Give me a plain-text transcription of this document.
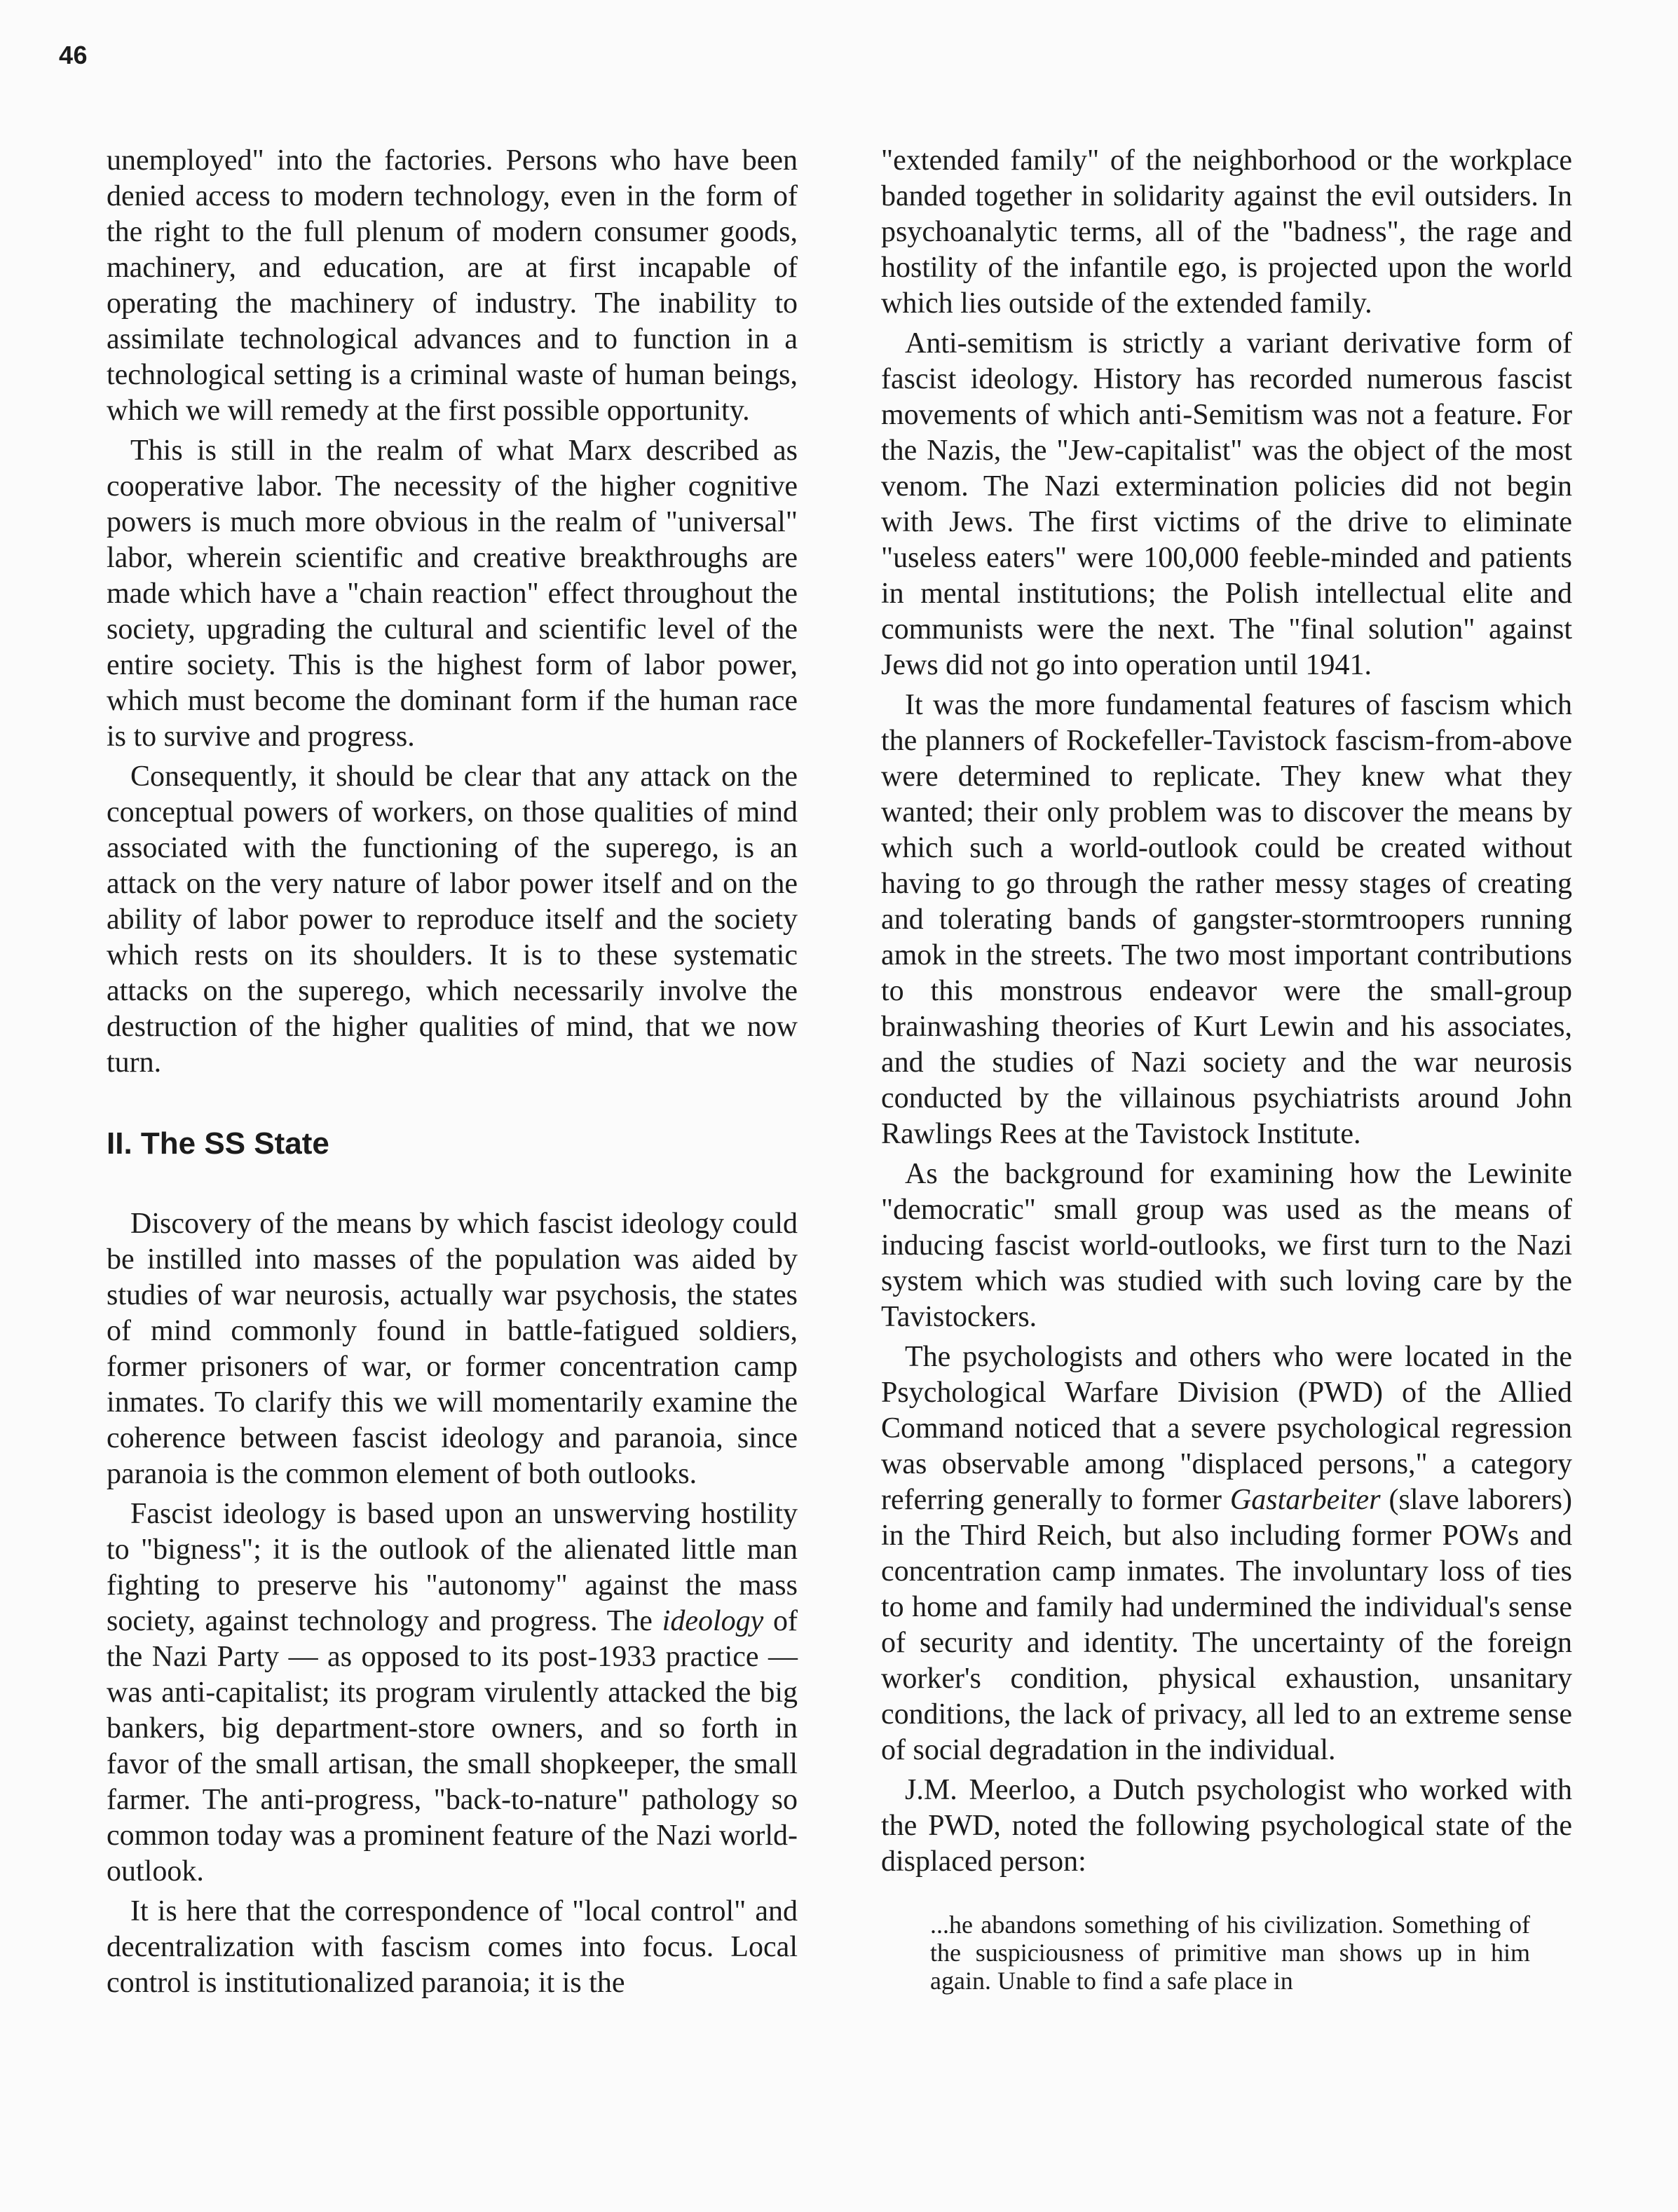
46

unemployed" into the factories. Persons who have been denied access to modern technology, even in the form of the right to the full plenum of modern consumer goods, machinery, and education, are at first incapable of operating the machinery of industry. The inability to assimilate technological advances and to function in a technological setting is a criminal waste of human beings, which we will remedy at the first possible opportunity.

This is still in the realm of what Marx described as cooperative labor. The necessity of the higher cognitive powers is much more obvious in the realm of "universal" labor, wherein scientific and creative breakthroughs are made which have a "chain reaction" effect throughout the society, upgrading the cultural and scientific level of the entire society. This is the highest form of labor power, which must become the dominant form if the human race is to survive and progress.

Consequently, it should be clear that any attack on the conceptual powers of workers, on those qualities of mind associated with the functioning of the superego, is an attack on the very nature of labor power itself and on the ability of labor power to reproduce itself and the society which rests on its shoulders. It is to these systematic attacks on the superego, which necessarily involve the destruction of the higher qualities of mind, that we now turn.

II. The SS State

Discovery of the means by which fascist ideology could be instilled into masses of the population was aided by studies of war neurosis, actually war psychosis, the states of mind commonly found in battle-fatigued soldiers, former prisoners of war, or former concentration camp inmates. To clarify this we will momentarily examine the coherence between fascist ideology and paranoia, since paranoia is the common element of both outlooks.

Fascist ideology is based upon an unswerving hostility to "bigness"; it is the outlook of the alienated little man fighting to preserve his "autonomy" against the mass society, against technology and progress. The ideology of the Nazi Party — as opposed to its post-1933 practice — was anti-capitalist; its program virulently attacked the big bankers, big department-store owners, and so forth in favor of the small artisan, the small shopkeeper, the small farmer. The anti-progress, "back-to-nature" pathology so common today was a prominent feature of the Nazi world-outlook.

It is here that the correspondence of "local control" and decentralization with fascism comes into focus. Local control is institutionalized paranoia; it is the

"extended family" of the neighborhood or the workplace banded together in solidarity against the evil outsiders. In psychoanalytic terms, all of the "badness", the rage and hostility of the infantile ego, is projected upon the world which lies outside of the extended family.

Anti-semitism is strictly a variant derivative form of fascist ideology. History has recorded numerous fascist movements of which anti-Semitism was not a feature. For the Nazis, the "Jew-capitalist" was the object of the most venom. The Nazi extermination policies did not begin with Jews. The first victims of the drive to eliminate "useless eaters" were 100,000 feeble-minded and patients in mental institutions; the Polish intellectual elite and communists were the next. The "final solution" against Jews did not go into operation until 1941.

It was the more fundamental features of fascism which the planners of Rockefeller-Tavistock fascism-from-above were determined to replicate. They knew what they wanted; their only problem was to discover the means by which such a world-outlook could be created without having to go through the rather messy stages of creating and tolerating bands of gangster-stormtroopers running amok in the streets. The two most important contributions to this monstrous endeavor were the small-group brainwashing theories of Kurt Lewin and his associates, and the studies of Nazi society and the war neurosis conducted by the villainous psychiatrists around John Rawlings Rees at the Tavistock Institute.

As the background for examining how the Lewinite "democratic" small group was used as the means of inducing fascist world-outlooks, we first turn to the Nazi system which was studied with such loving care by the Tavistockers.

The psychologists and others who were located in the Psychological Warfare Division (PWD) of the Allied Command noticed that a severe psychological regression was observable among "displaced persons," a category referring generally to former Gastarbeiter (slave laborers) in the Third Reich, but also including former POWs and concentration camp inmates. The involuntary loss of ties to home and family had undermined the individual's sense of security and identity. The uncertainty of the foreign worker's condition, physical exhaustion, unsanitary conditions, the lack of privacy, all led to an extreme sense of social degradation in the individual.

J.M. Meerloo, a Dutch psychologist who worked with the PWD, noted the following psychological state of the displaced person:

...he abandons something of his civilization. Something of the suspiciousness of primitive man shows up in him again. Unable to find a safe place in
